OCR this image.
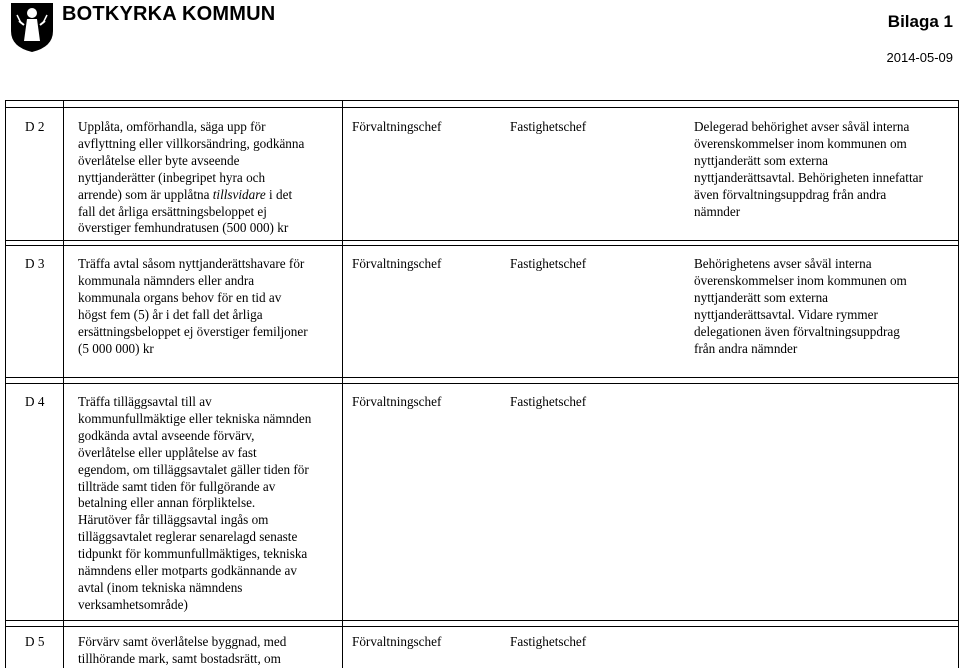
BOTKYRKA KOMMUN	Bilaga 1
2014-05-09
D 2	Upplåta, omförhandla, säga upp för
avflyttning eller villkorsändring, godkänna
överlåtelse eller byte avseende
nyttjanderätter (inbegripet hyra och
arrende) som är upplåtna tillsvidare i det
fall det årliga ersättningsbeloppet ej
överstiger femhundratusen (500 000) kr
Förvaltningschef	Fastighetschef	Delegerad behörighet avser såväl interna
överenskommelser inom kommunen om
nyttjanderätt som externa
nyttjanderättsavtal. Behörigheten innefattar
även förvaltningsuppdrag från andra
nämnder
D 3	Träffa avtal såsom nyttjanderättshavare för
kommunala nämnders eller andra
kommunala organs behov för en tid av
högst fem (5) år i det fall det årliga
ersättningsbeloppet ej överstiger femiljoner
(5 000 000) kr
Förvaltningschef	Fastighetschef	Behörighetens avser såväl interna
överenskommelser inom kommunen om
nyttjanderätt som externa
nyttjanderättsavtal. Vidare rymmer
delegationen även förvaltningsuppdrag
från andra nämnder
D 4	Träffa tilläggsavtal till av
kommunfullmäktige eller tekniska nämnden
godkända avtal avseende förvärv,
överlåtelse eller upplåtelse av fast
egendom, om tilläggsavtalet gäller tiden för
tillträde samt tiden för fullgörande av
betalning eller annan förpliktelse.
Härutöver får tilläggsavtal ingås om
tilläggsavtalet reglerar senarelagd senaste
tidpunkt för kommunfullmäktiges, tekniska
nämndens eller motparts godkännande av
avtal (inom tekniska nämndens
verksamhetsområde)
Förvaltningschef	Fastighetschef
D 5	Förvärv samt överlåtelse byggnad, med
tillhörande mark, samt bostadsrätt, om
Förvaltningschef	Fastighetschef
